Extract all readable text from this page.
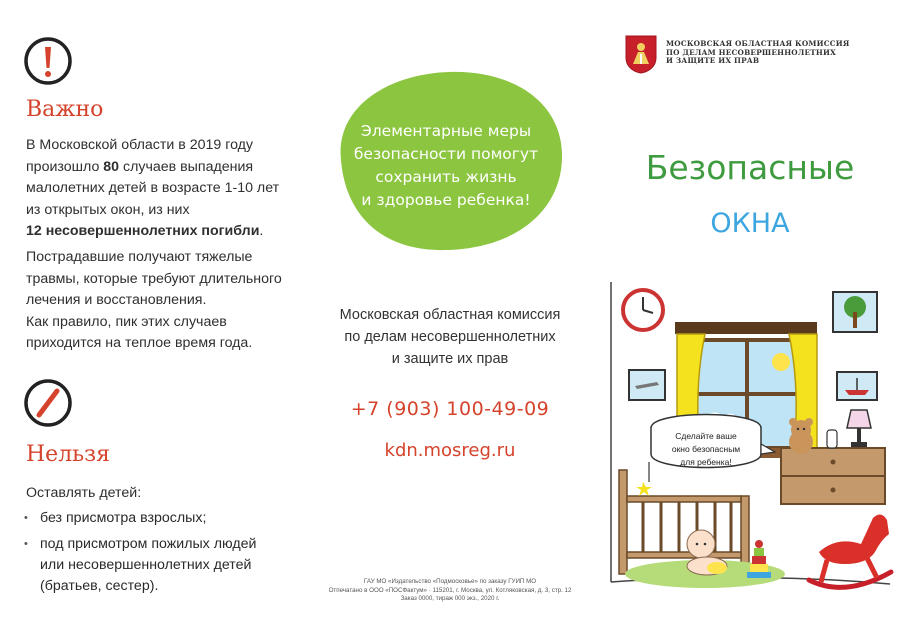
Важно

В Московской области в 2019 году

произошло 80 случаев выпадения

малолетних детей в возрасте 1-10 лет

из открытых окон, из них

12 несовершеннолетних погибли.

Пострадавшие получают тяжелые

травмы, которые требуют длительного

лечения и восстановления.

Как правило, пик этих случаев

приходится на теплое время года.

Нельзя
Оставлять детей:
• без присмотра взрослых;
• под присмотром пожилых людей или несовершеннолетних детей (братьев, сестер).
Элементарные меры
безопасности помогут
сохранить жизнь
и здоровье ребенка!
Московская областная комиссия
по делам несовершеннолетних
и защите их прав
+7 (903) 100-49-09
kdn.mosreg.ru
ГАУ МО «Издательство «Подмосковье» по заказу ГУИП МО
Отпечатано в ООО «ПОСФактум» · 115201, г. Москва, ул. Котляковская, д. 3, стр. 12
Заказ 0000, тираж 000 экз., 2020 г.
МОСКОВСКАЯ ОБЛАСТНАЯ КОМИССИЯ
ПО ДЕЛАМ НЕСОВЕРШЕННОЛЕТНИХ
И ЗАЩИТЕ ИХ ПРАВ
Безопасные
ОКНА
Сделайте ваше
окно безопасным
для ребенка!
